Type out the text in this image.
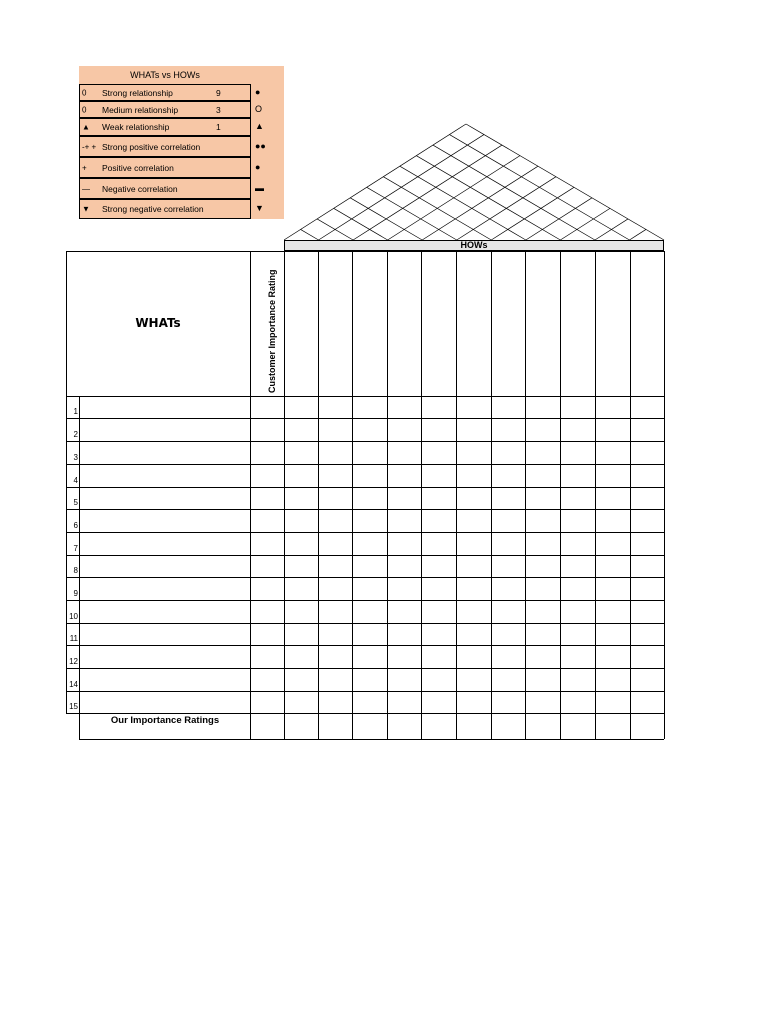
WHATs vs HOWs
0 Strong relationship	9	●
0 Medium relationship	3	O
▲ Weak relationship	1	▲
-+ + Strong positive correlation	●●
+ Positive correlation	●
— Negative correlation	▬
▼ Strong negative correlation	▼
HOWs
WHATs	Customer Importance Rating
1
2
3
4
5
6
7
8
9
10
11
12
14
15
Our Importance Ratings
